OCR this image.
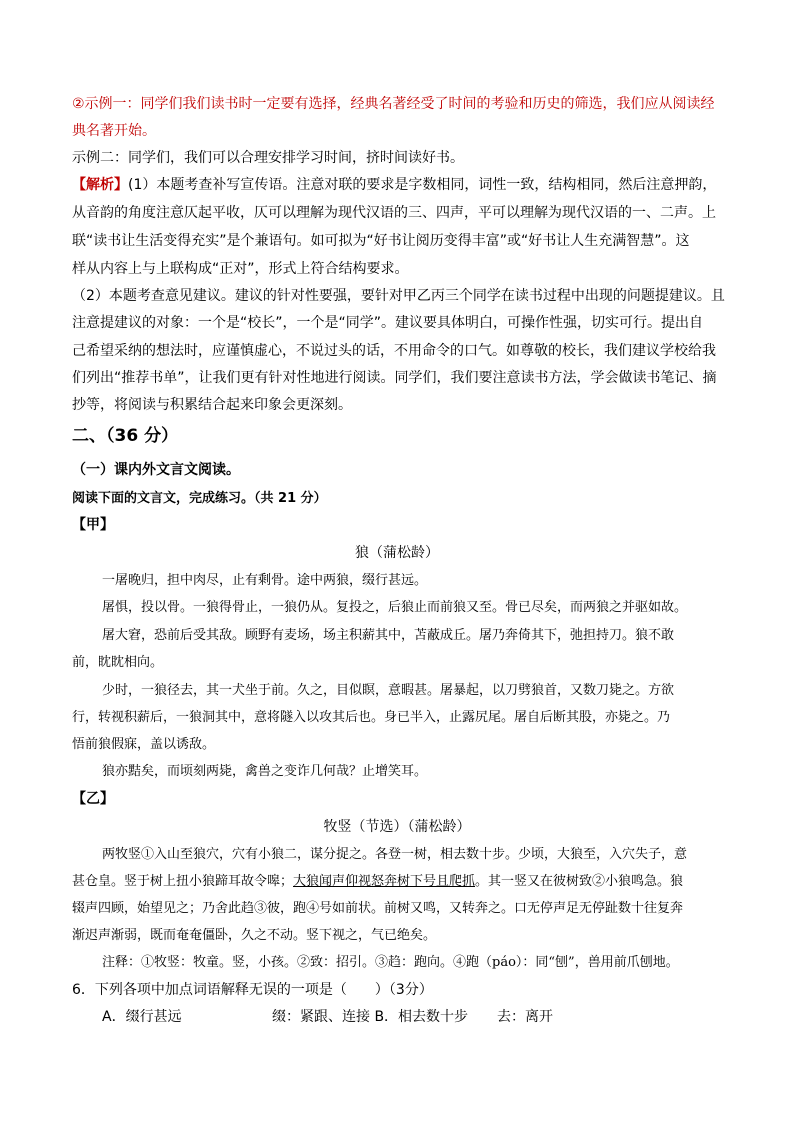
②示例一：同学们我们读书时一定要有选择，经典名著经受了时间的考验和历史的筛选，我们应从阅读经
典名著开始。
示例二：同学们，我们可以合理安排学习时间，挤时间读好书。
【解析】(1）本题考查补写宣传语。注意对联的要求是字数相同，词性一致，结构相同，然后注意押韵，
从音韵的角度注意仄起平收，仄可以理解为现代汉语的三、四声，平可以理解为现代汉语的一、二声。上
联“读书让生活变得充实”是个兼语句。如可拟为“好书让阅历变得丰富”或“好书让人生充满智慧”。这
样从内容上与上联构成“正对”，形式上符合结构要求。
（2）本题考查意见建议。建议的针对性要强，要针对甲乙丙三个同学在读书过程中出现的问题提建议。且
注意提建议的对象：一个是“校长”，一个是“同学”。建议要具体明白，可操作性强，切实可行。提出自
己希望采纳的想法时，应谨慎虚心，不说过头的话，不用命令的口气。如尊敬的校长，我们建议学校给我
们列出“推荐书单”，让我们更有针对性地进行阅读。同学们，我们要注意读书方法，学会做读书笔记、摘
抄等，将阅读与积累结合起来印象会更深刻。
二、（36 分）
（一）课内外文言文阅读。
阅读下面的文言文，完成练习。（共 21 分）
【甲】
狼（蒲松龄）
一屠晚归，担中肉尽，止有剩骨。途中两狼，缀行甚远。
屠惧，投以骨。一狼得骨止，一狼仍从。复投之，后狼止而前狼又至。骨已尽矣，而两狼之并驱如故。
屠大窘，恐前后受其敌。顾野有麦场，场主积薪其中，苫蔽成丘。屠乃奔倚其下，弛担持刀。狼不敢
前，眈眈相向。
少时，一狼径去，其一犬坐于前。久之，目似瞑，意暇甚。屠暴起，以刀劈狼首，又数刀毙之。方欲
行，转视积薪后，一狼洞其中，意将隧入以攻其后也。身已半入，止露尻尾。屠自后断其股，亦毙之。乃
悟前狼假寐，盖以诱敌。
狼亦黠矣，而顷刻两毙，禽兽之变诈几何哉？止增笑耳。
【乙】
牧竖（节选）（蒲松龄）
两牧竖①入山至狼穴，穴有小狼二，谋分捉之。各登一树，相去数十步。少顷，大狼至，入穴失子，意
甚仓皇。竖于树上扭小狼蹄耳故令嗥；大狼闻声仰视怒奔树下号且爬抓。其一竖又在彼树致②小狼鸣急。狼
辍声四顾，始望见之；乃舍此趋③彼，跑④号如前状。前树又鸣，又转奔之。口无停声足无停趾数十往复奔
渐迟声渐弱，既而奄奄僵卧，久之不动。竖下视之，气已绝矣。
注释：①牧竖：牧童。竖，小孩。②致：招引。③趋：跑向。④跑（páo）：同“刨”，兽用前爪刨地。
6．下列各项中加点词语解释无误的一项是（　　）（3分）
A．缀行甚远	缀：紧跟、连接 B．相去数十步 去：离开
